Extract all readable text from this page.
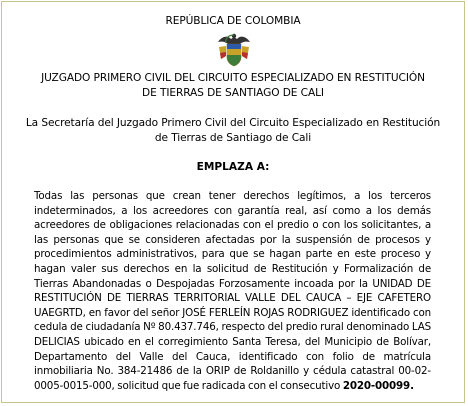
REPÚBLICA DE COLOMBIA
JUZGADO PRIMERO CIVIL DEL CIRCUITO ESPECIALIZADO EN RESTITUCIÓN
DE TIERRAS DE SANTIAGO DE CALI
La Secretaría del Juzgado Primero Civil del Circuito Especializado en Restitución
de Tierras de Santiago de Cali
EMPLAZA A:
Todas las personas que crean tener derechos legítimos, a los terceros indeterminados, a los acreedores con garantía real, así como a los demás acreedores de obligaciones relacionadas con el predio o con los solicitantes, a las personas que se consideren afectadas por la suspensión de procesos y procedimientos administrativos, para que se hagan parte en este proceso y hagan valer sus derechos en la solicitud de Restitución y Formalización de Tierras Abandonadas o Despojadas Forzosamente incoada por la UNIDAD DE RESTITUCIÓN DE TIERRAS TERRITORIAL VALLE DEL CAUCA – EJE CAFETERO UAEGRTD, en favor del señor JOSÉ FERLEÍN ROJAS RODRIGUEZ identificado con cedula de ciudadanía Nº 80.437.746, respecto del predio rural denominado LAS DELICIAS ubicado en el corregimiento Santa Teresa, del Municipio de Bolívar, Departamento del Valle del Cauca, identificado con folio de matrícula inmobiliaria No. 384-21486 de la ORIP de Roldanillo y cédula catastral 00-02-0005-0015-000, solicitud que fue radicada con el consecutivo 2020-00099.
